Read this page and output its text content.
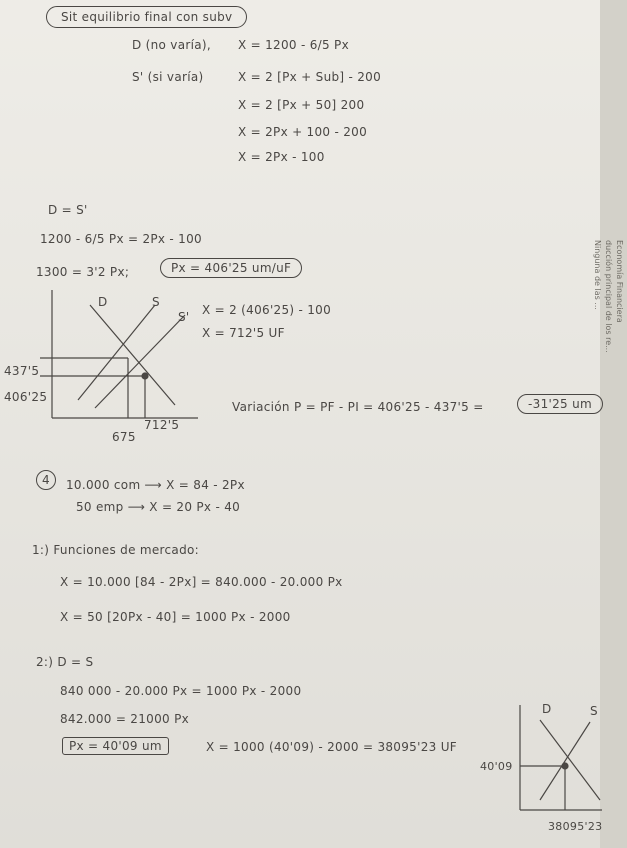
Economía Financiera
ducción principal de los re...
Ninguna de las ...
Sit equilibrio final con subv
D (no varía), X = 1200 - 6/5 Px
S' (si varía)	X = 2 [Px + Sub] - 200
X = 2 [Px + 50] 200
X = 2Px + 100 - 200
X = 2Px - 100
D = S'
1200 - 6/5 Px = 2Px - 100
1300 = 3'2 Px;	Px = 406'25 um/uF
X = 2 (406'25) - 100
X = 712'5 UF
D	S
S'
437'5
406'25
675
712'5
Variación P = PF - PI = 406'25 - 437'5 =	-31'25 um
4	10.000 com ⟶ X = 84 - 2Px
50 emp ⟶ X = 20 Px - 40
1:) Funciones de mercado:
X = 10.000 [84 - 2Px] = 840.000 - 20.000 Px
X = 50 [20Px - 40] = 1000 Px - 2000
2:) D = S
840 000 - 20.000 Px = 1000 Px - 2000
842.000 = 21000 Px
Px = 40'09 um	X = 1000 (40'09) - 2000 = 38095'23 UF
D	S
40'09
38095'23
